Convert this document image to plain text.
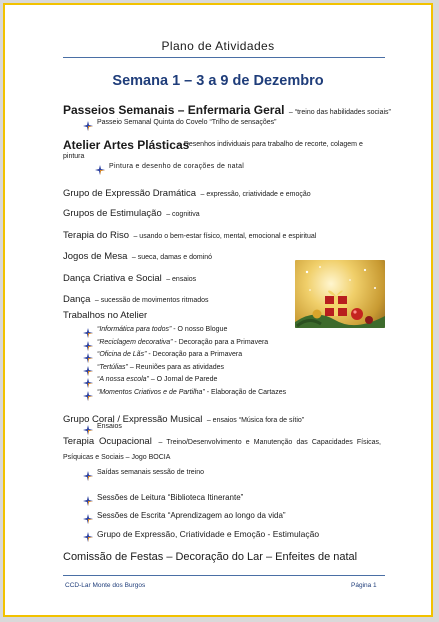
Plano de Atividades
Semana 1 – 3 a 9 de Dezembro
Passeios Semanais – Enfermaria Geral – “treino das habilidades sociais”
Passeio Semanal Quinta do Covelo “Trilho de sensações”
Atelier Artes Plásticas
– Desenhos individuais para trabalho de recorte, colagem e pintura
Pintura e desenho de corações de natal
Grupo de Expressão Dramática – expressão, criatividade e emoção
Grupos de Estimulação – cognitiva
Terapia do Riso – usando o bem-estar físico, mental, emocional e espiritual
Jogos de Mesa – sueca, damas e dominó
Dança Criativa e Social – ensaios
Dança – sucessão de movimentos ritmados
Trabalhos no Atelier
“Informática para todos” - O nosso Blogue
“Reciclagem decorativa” - Decoração para a Primavera
“Oficina de Lãs” - Decoração para a Primavera
“Tertúlias” – Reuniões para as atividades
“A nossa escola” – O Jornal de Parede
“Momentos Criativos e de Partilha” - Elaboração de Cartazes
Grupo Coral / Expressão Musical – ensaios “Música fora de sítio”
Ensaios
Terapia Ocupacional – Treino/Desenvolvimento e Manutenção das Capacidades Físicas, Psíquicas e Sociais – Jogo BOCIA
Saídas semanais sessão de treino
Sessões de Leitura “Biblioteca Itinerante”
Sessões de Escrita “Aprendizagem ao longo da vida”
Grupo de Expressão, Criatividade e Emoção - Estimulação
Comissão de Festas – Decoração do Lar – Enfeites de natal
CCD-Lar Monte dos Burgos	Página 1
